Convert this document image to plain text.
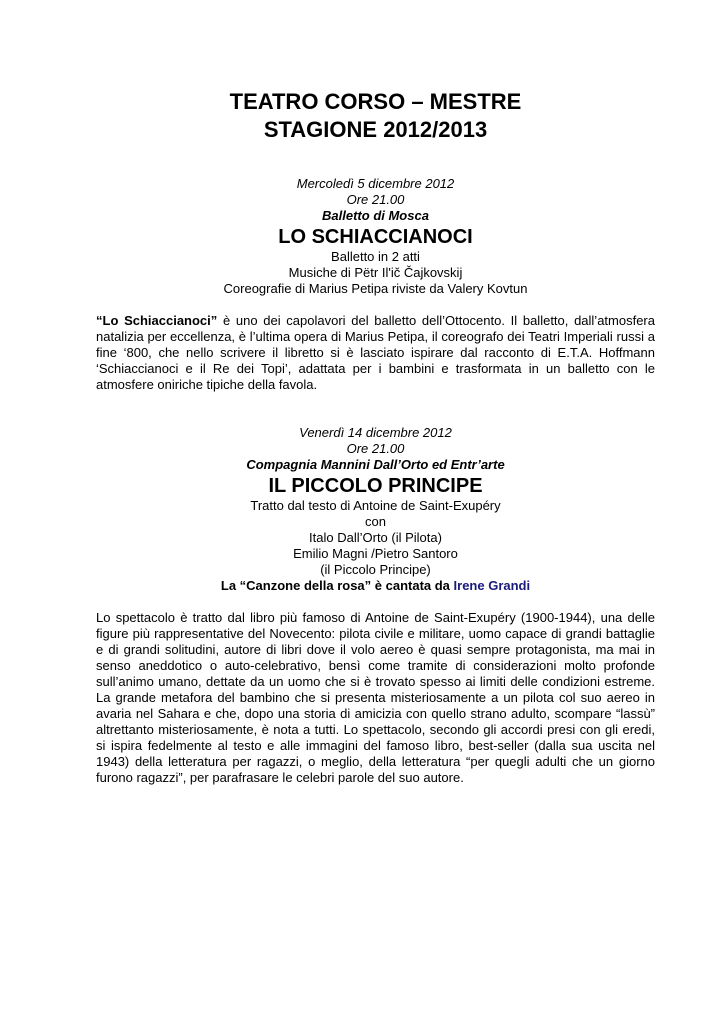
TEATRO CORSO – MESTRE
STAGIONE 2012/2013
Mercoledì 5 dicembre 2012
Ore 21.00
Balletto di Mosca
LO SCHIACCIANOCI
Balletto in 2 atti
Musiche di Pëtr Il'ič Čajkovskij
Coreografie di Marius Petipa riviste da Valery Kovtun

“Lo Schiaccianoci” è uno dei capolavori del balletto dell’Ottocento. Il balletto, dall’atmosfera natalizia per eccellenza, è l’ultima opera di Marius Petipa, il coreografo dei Teatri Imperiali russi a fine ‘800, che nello scrivere il libretto si è lasciato ispirare dal racconto di E.T.A. Hoffmann ‘Schiaccianoci e il Re dei Topi’, adattata per i bambini e trasformata in un balletto con le atmosfere oniriche tipiche della favola.

Venerdì 14 dicembre 2012
Ore 21.00
Compagnia Mannini Dall’Orto ed Entr’arte
IL PICCOLO PRINCIPE
Tratto dal testo di Antoine de Saint-Exupéry
con
Italo Dall’Orto (il Pilota)
Emilio Magni /Pietro Santoro
(il Piccolo Principe)
La “Canzone della rosa” è cantata da Irene Grandi

Lo spettacolo è tratto dal libro più famoso di Antoine de Saint-Exupéry (1900-1944), una delle figure più rappresentative del Novecento: pilota civile e militare, uomo capace di grandi battaglie e di grandi solitudini, autore di libri dove il volo aereo è quasi sempre protagonista, ma mai in senso aneddotico o auto-celebrativo, bensì come tramite di considerazioni molto profonde sull’animo umano, dettate da un uomo che si è trovato spesso ai limiti delle condizioni estreme. La grande metafora del bambino che si presenta misteriosamente a un pilota col suo aereo in avaria nel Sahara e che, dopo una storia di amicizia con quello strano adulto, scompare “lassù” altrettanto misteriosamente, è nota a tutti. Lo spettacolo, secondo gli accordi presi con gli eredi, si ispira fedelmente al testo e alle immagini del famoso libro, best-seller (dalla sua uscita nel 1943) della letteratura per ragazzi, o meglio, della letteratura “per quegli adulti che un giorno furono ragazzi”, per parafrasare le celebri parole del suo autore.
